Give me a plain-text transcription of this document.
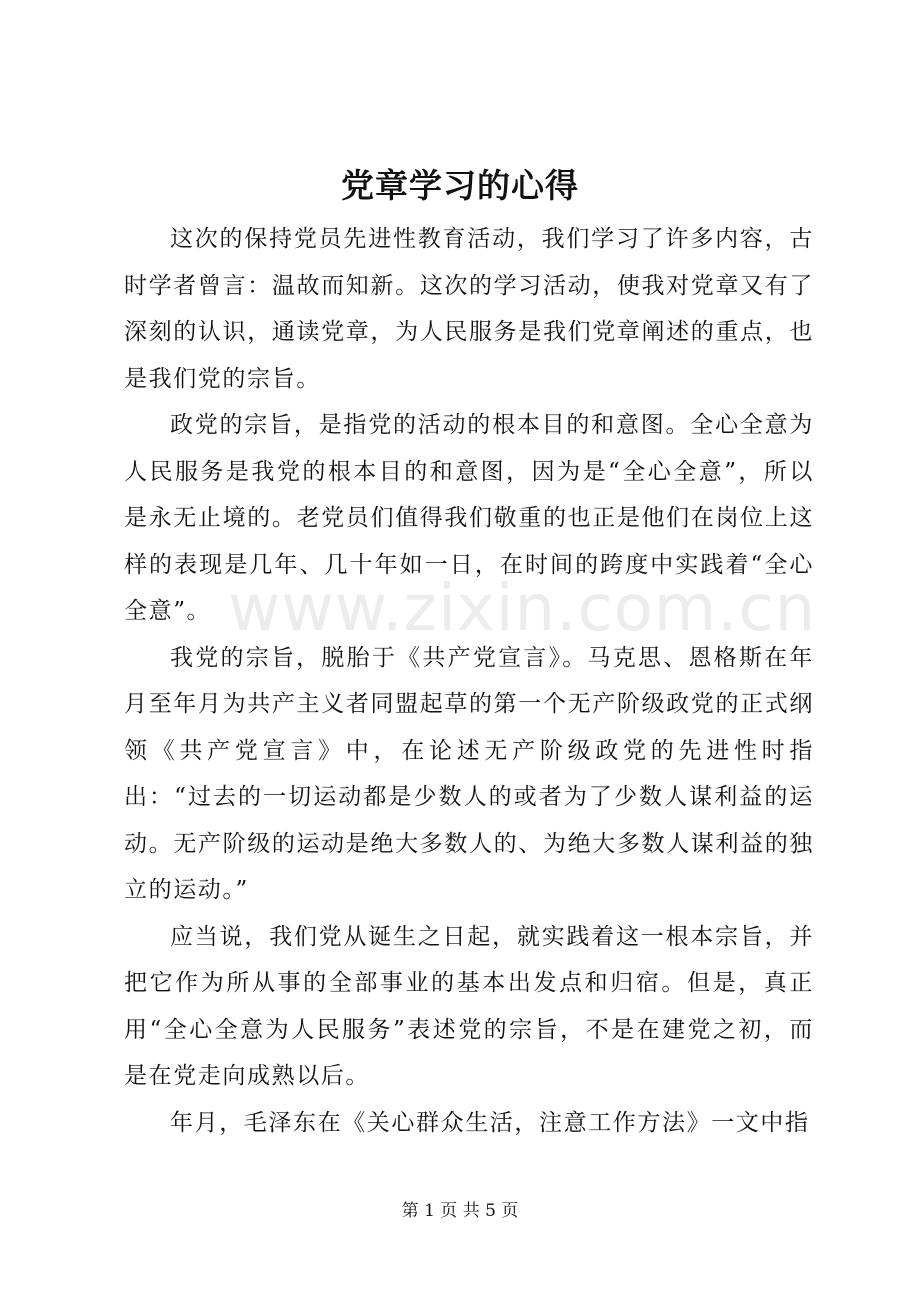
www.zixin.com.cn
党章学习的心得

这次的保持党员先进性教育活动，我们学习了许多内容，古时学者曾言：温故而知新。这次的学习活动，使我对党章又有了深刻的认识，通读党章，为人民服务是我们党章阐述的重点，也是我们党的宗旨。

政党的宗旨，是指党的活动的根本目的和意图。全心全意为人民服务是我党的根本目的和意图，因为是“全心全意”，所以是永无止境的。老党员们值得我们敬重的也正是他们在岗位上这样的表现是几年、几十年如一日，在时间的跨度中实践着“全心全意”。

我党的宗旨，脱胎于《共产党宣言》。马克思、恩格斯在年月至年月为共产主义者同盟起草的第一个无产阶级政党的正式纲领《共产党宣言》中，在论述无产阶级政党的先进性时指出：“过去的一切运动都是少数人的或者为了少数人谋利益的运动。无产阶级的运动是绝大多数人的、为绝大多数人谋利益的独立的运动。”

应当说，我们党从诞生之日起，就实践着这一根本宗旨，并把它作为所从事的全部事业的基本出发点和归宿。但是，真正用“全心全意为人民服务”表述党的宗旨，不是在建党之初，而是在党走向成熟以后。

年月，毛泽东在《关心群众生活，注意工作方法》一文中指

第 1 页 共 5 页
